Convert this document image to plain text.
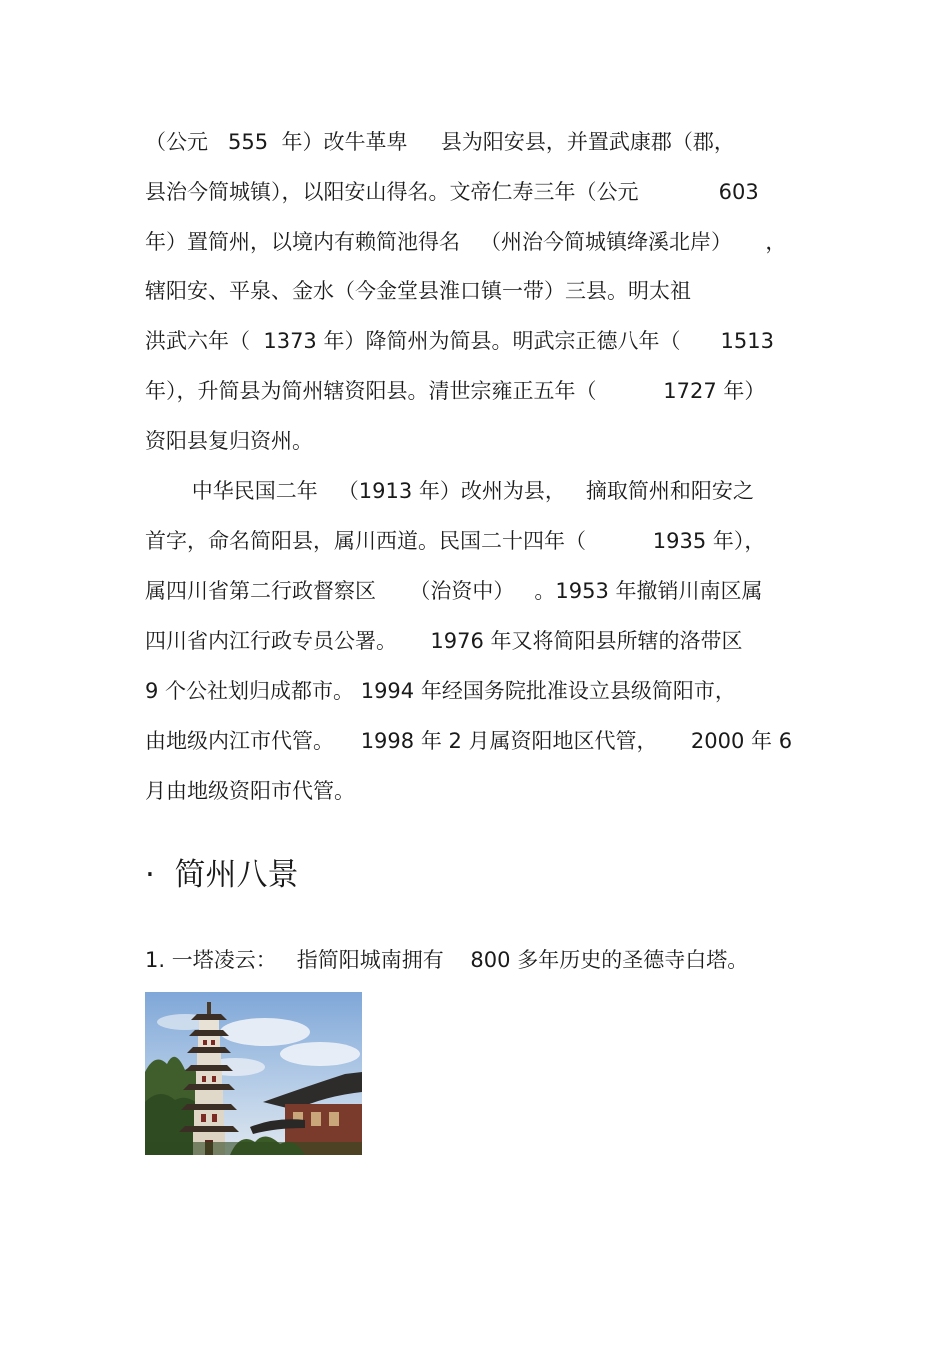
（公元   555  年）改牛革卑     县为阳安县，并置武康郡（郡，
县治今简城镇），以阳安山得名。文帝仁寿三年（公元            603
年）置简州，以境内有赖简池得名   （州治今简城镇绛溪北岸）     ，
辖阳安、平泉、金水（今金堂县淮口镇一带）三县。明太祖
洪武六年（  1373 年）降简州为简县。明武宗正德八年（      1513
年），升简县为简州辖资阳县。清世宗雍正五年（          1727 年）
资阳县复归资州。
中华民国二年   （1913 年）改州为县，   摘取简州和阳安之
首字，命名简阳县，属川西道。民国二十四年（          1935 年），
属四川省第二行政督察区     （治资中）   。1953 年撤销川南区属
四川省内江行政专员公署。     1976 年又将简阳县所辖的洛带区
9 个公社划归成都市。 1994 年经国务院批准设立县级简阳市，
由地级内江市代管。    1998 年 2 月属资阳地区代管，     2000 年 6
月由地级资阳市代管。
·  简州八景
1. 一塔凌云：   指简阳城南拥有    800 多年历史的圣德寺白塔。
